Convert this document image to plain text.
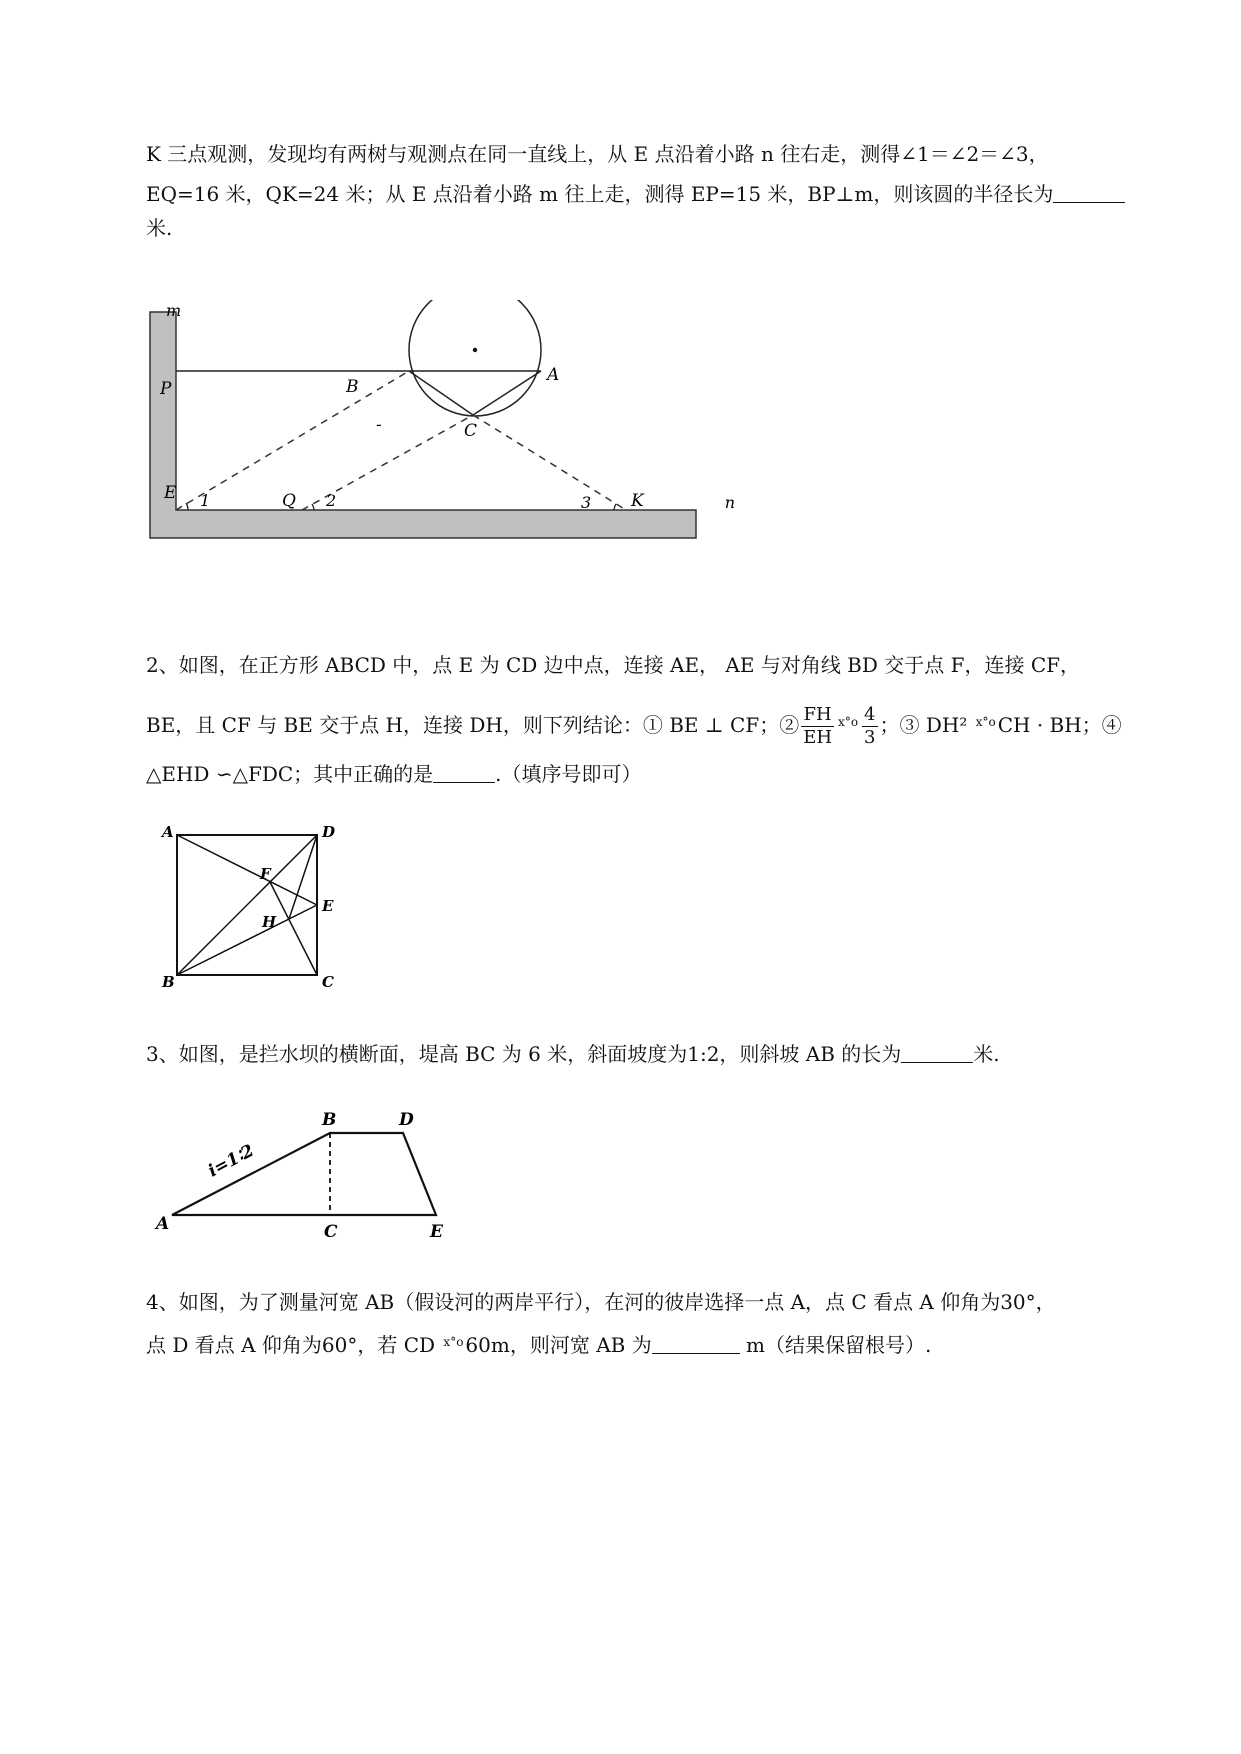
K 三点观测，发现均有两树与观测点在同一直线上，从 E 点沿着小路 n 往右走，测得∠1＝∠2＝∠3，
EQ=16 米，QK=24 米；从 E 点沿着小路 m 往上走，测得 EP=15 米，BP⊥m，则该圆的半径长为
米.
m
P	B
A
C
-
E 1	Q 2	3 K	n
2、如图，在正方形 ABCD 中，点 E 为 CD 边中点，连接 AE， AE 与对角线 BD 交于点 F，连接 CF，
BE，且 CF 与 BE 交于点 H，连接 DH，则下列结论：① BE ⊥ CF；② $\frac{FH}{EH} ^{x^\circ o} \frac{4}{3}$ ；③ DH² $^{x^\circ o}$ CH · BH；④
△EHD ∽△FDC；其中正确的是	.（填序号即可）
A	D
E
F
H
B	C
3、如图，是拦水坝的横断面，堤高 BC 为 6 米，斜面坡度为1:2，则斜坡 AB 的长为	米.
i=1∶2
B	D
A	C	E
4、如图，为了测量河宽 AB（假设河的两岸平行），在河的彼岸选择一点 A，点 C 看点 A 仰角为30°，
点 D 看点 A 仰角为60°，若 CD $^{x^\circ o}$ 60m，则河宽 AB 为	m（结果保留根号）.
